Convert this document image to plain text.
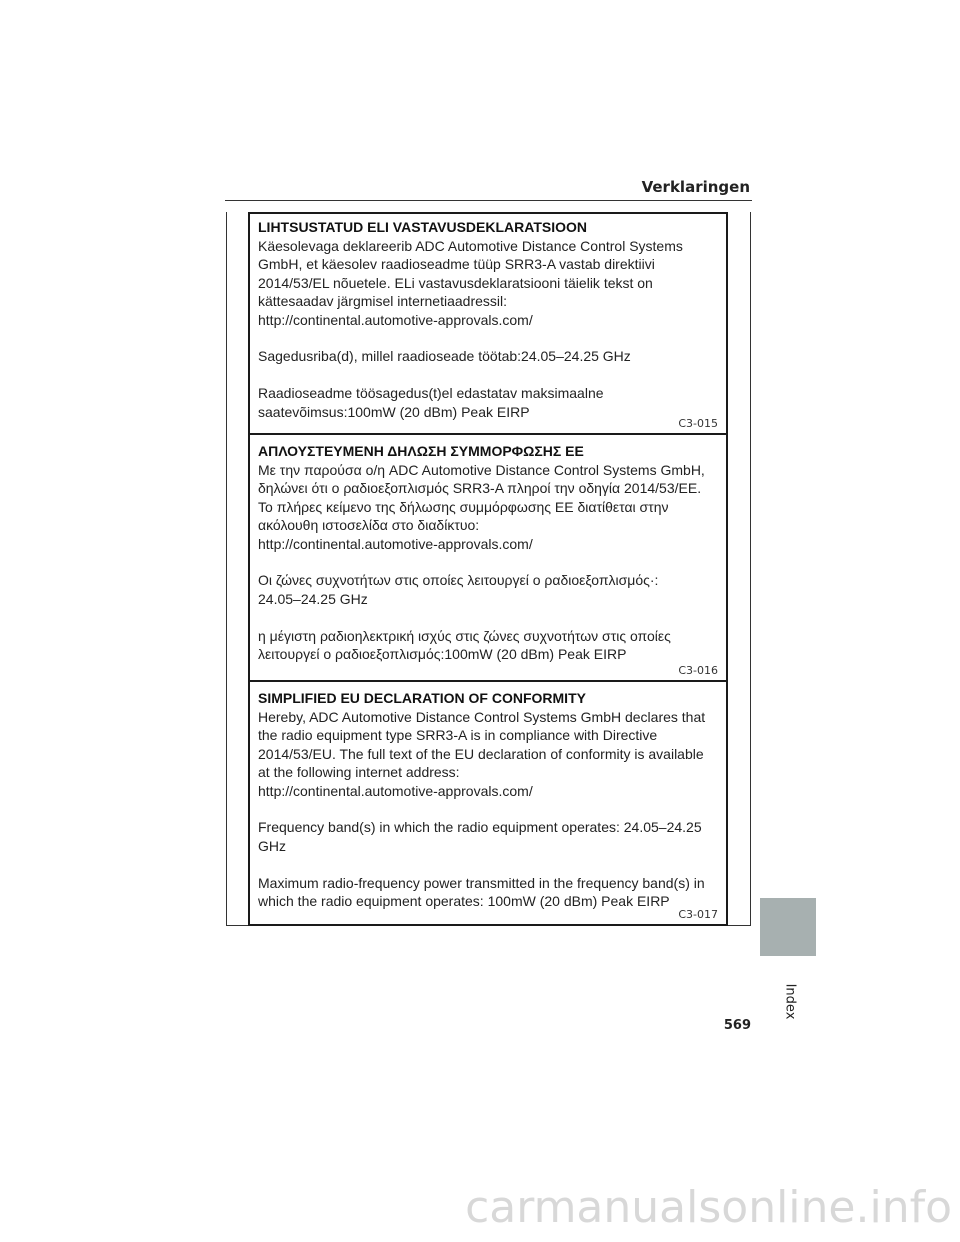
Verklaringen
LIHTSUSTATUD ELI VASTAVUSDEKLARATSIOON

Käesolevaga deklareerib ADC Automotive Distance Control Systems

GmbH, et käesolev raadioseadme tüüp SRR3-A vastab direktiivi

2014/53/EL nõuetele. ELi vastavusdeklaratsiooni täielik tekst on

kättesaadav järgmisel internetiaadressil:

http://continental.automotive-approvals.com/

Sagedusriba(d), millel raadioseade töötab:24.05–24.25 GHz

Raadioseadme töösagedus(t)el edastatav maksimaalne

saatevõimsus:100mW (20 dBm) Peak EIRP

C3-015
ΑΠΛΟΥΣΤΕΥΜΕΝΗ ΔΗΛΩΣΗ ΣΥΜΜΟΡΦΩΣΗΣ ΕΕ

Με την παρούσα ο/η ADC Automotive Distance Control Systems GmbH,

δηλώνει ότι ο ραδιοεξοπλισμός SRR3-A πληροί την οδηγία 2014/53/ΕΕ.

Το πλήρες κείμενο της δήλωσης συμμόρφωσης ΕΕ διατίθεται στην

ακόλουθη ιστοσελίδα στο διαδίκτυο:

http://continental.automotive-approvals.com/

Οι ζώνες συχνοτήτων στις οποίες λειτουργεί ο ραδιοεξοπλισμός·:

24.05–24.25 GHz

η μέγιστη ραδιοηλεκτρική ισχύς στις ζώνες συχνοτήτων στις οποίες

λειτουργεί ο ραδιοεξοπλισμός:100mW (20 dBm) Peak EIRP

C3-016
SIMPLIFIED EU DECLARATION OF CONFORMITY

Hereby, ADC Automotive Distance Control Systems GmbH declares that

the radio equipment type SRR3-A is in compliance with Directive

2014/53/EU. The full text of the EU declaration of conformity is available

at the following internet address:

http://continental.automotive-approvals.com/

Frequency band(s) in which the radio equipment operates: 24.05–24.25

GHz

Maximum radio-frequency power transmitted in the frequency band(s) in

which the radio equipment operates: 100mW (20 dBm) Peak EIRP

C3-017
Index
569
carmanualsonline.info
